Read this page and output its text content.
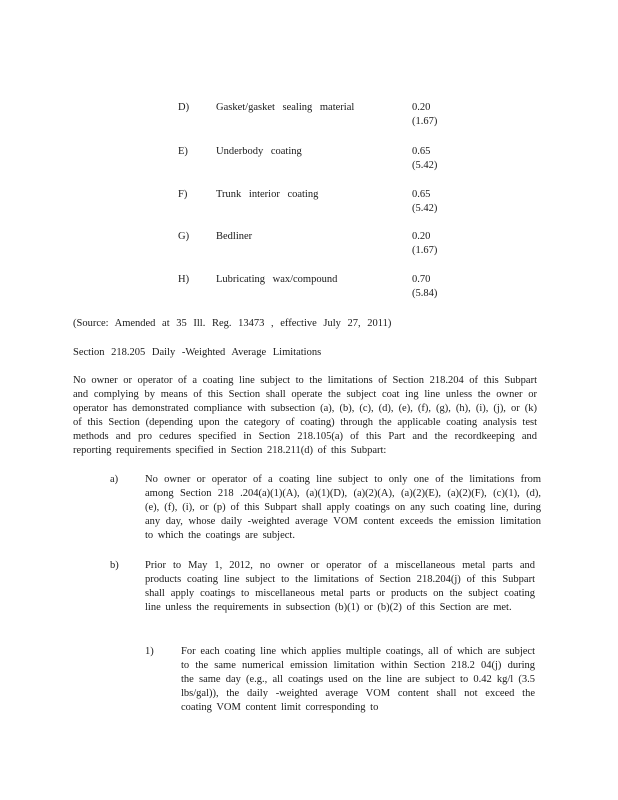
D)	Gasket/gasket sealing material	0.20
(1.67)
E)	Underbody coating	0.65
(5.42)
F)	Trunk interior coating	0.65
(5.42)
G)	Bedliner	0.20
(1.67)
H)	Lubricating wax/compound	0.70
(5.84)
(Source: Amended at 35 Ill. Reg. 13473 , effective July 27, 2011)
Section 218.205 Daily -Weighted Average Limitations
No owner or operator of a coating line subject to the limitations of Section 218.204 of this Subpart and complying by means of this Section shall operate the subject coat ing line unless the owner or operator has demonstrated compliance with subsection (a), (b), (c), (d), (e), (f), (g), (h), (i), (j), or (k) of this Section (depending upon the category of coating) through the applicable coating analysis test methods and pro cedures specified in Section 218.105(a) of this Part and the recordkeeping and reporting requirements specified in Section 218.211(d) of this Subpart:
a)	No owner or operator of a coating line subject to only one of the limitations from among Section 218 .204(a)(1)(A), (a)(1)(D), (a)(2)(A), (a)(2)(E), (a)(2)(F), (c)(1), (d), (e), (f), (i), or (p) of this Subpart shall apply coatings on any such coating line, during any day, whose daily -weighted average VOM content exceeds the emission limitation to which the coatings are subject.
b)	Prior to May 1, 2012, no owner or operator of a miscellaneous metal parts and products coating line subject to the limitations of Section 218.204(j) of this Subpart shall apply coatings to miscellaneous metal parts or products on the subject coating line unless the requirements in subsection (b)(1) or (b)(2) of this Section are met.
1)	For each coating line which applies multiple coatings, all of which are subject to the same numerical emission limitation within Section 218.2 04(j) during the same day (e.g., all coatings used on the line are subject to 0.42 kg/l (3.5 lbs/gal)), the daily -weighted average VOM content shall not exceed the coating VOM content limit corresponding to
